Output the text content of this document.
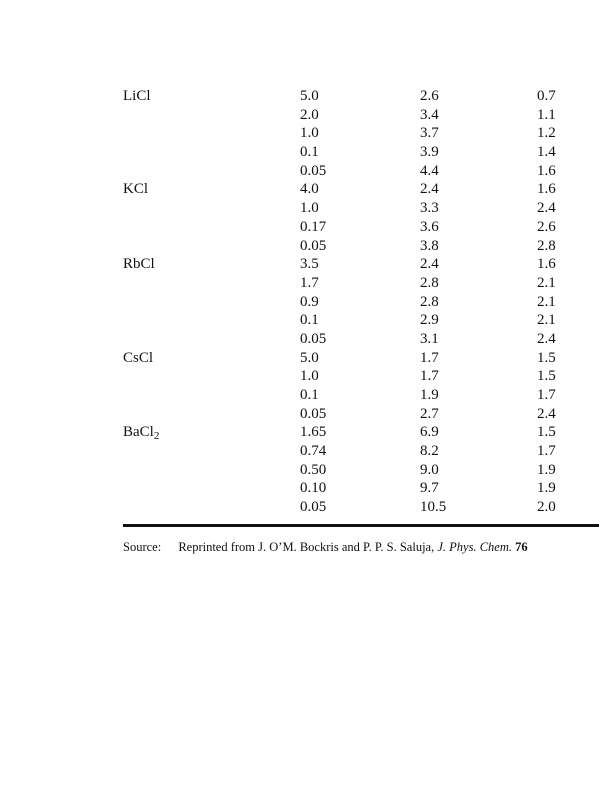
LiCl	5.0	2.6	0.7
2.0	3.4	1.1
1.0	3.7	1.2
0.1	3.9	1.4
0.05	4.4	1.6
KCl	4.0	2.4	1.6
1.0	3.3	2.4
0.17	3.6	2.6
0.05	3.8	2.8
RbCl	3.5	2.4	1.6
1.7	2.8	2.1
0.9	2.8	2.1
0.1	2.9	2.1
0.05	3.1	2.4
CsCl	5.0	1.7	1.5
1.0	1.7	1.5
0.1	1.9	1.7
0.05	2.7	2.4
BaCl$_2$	1.65	6.9	1.5
0.74	8.2	1.7
0.50	9.0	1.9
0.10	9.7	1.9
0.05	10.5	2.0
Source: Reprinted from J. O’M. Bockris and P. P. S. Saluja, J. Phys. Chem. 76
